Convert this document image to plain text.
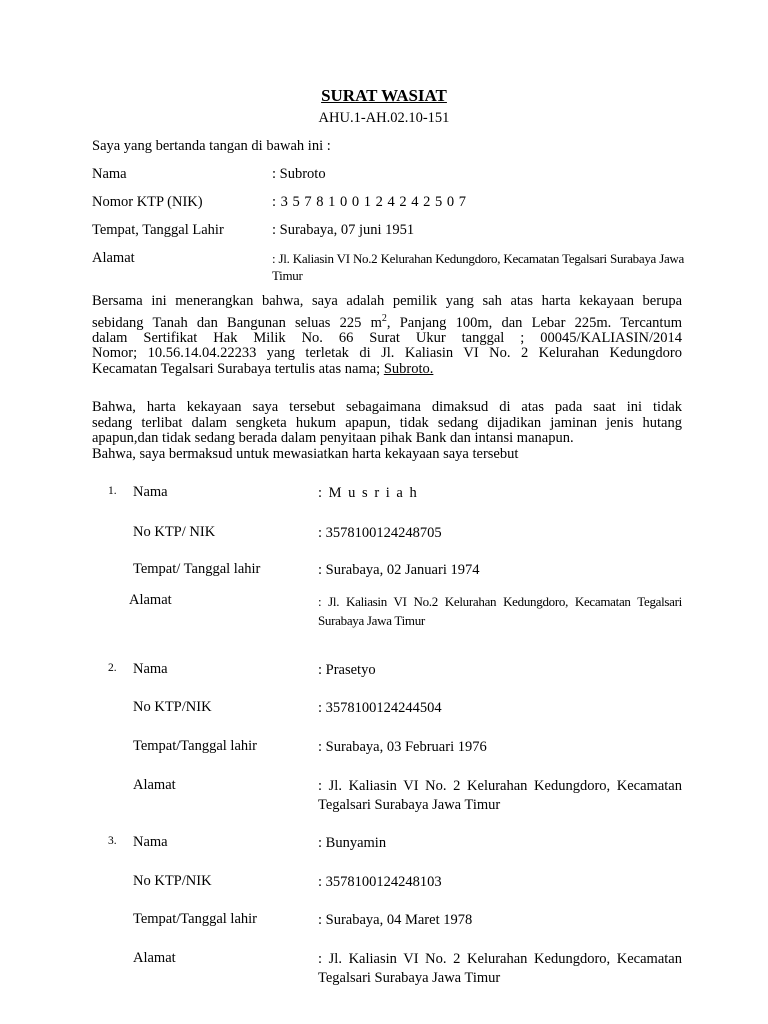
SURAT WASIAT
AHU.1-AH.02.10-151
Saya yang bertanda tangan di bawah ini :
Nama	: Subroto
Nomor KTP (NIK)	: 3 5 7 8 1 0 0 1 2 4 2 4 2 5 0 7
Tempat, Tanggal Lahir	: Surabaya, 07 juni 1951
Alamat	: Jl. Kaliasin VI No.2 Kelurahan Kedungdoro, Kecamatan Tegalsari Surabaya Jawa Timur
Bersama ini menerangkan bahwa, saya adalah pemilik yang sah atas harta kekayaan berupa
sebidang Tanah dan Bangunan seluas 225 $m^2$, Panjang 100m, dan Lebar 225m. Tercantum
dalam Sertifikat Hak Milik No. 66 Surat Ukur tanggal ; 00045/KALIASIN/2014
Nomor; 10.56.14.04.22233 yang terletak di Jl. Kaliasin VI No. 2 Kelurahan Kedungdoro
Kecamatan Tegalsari Surabaya tertulis atas nama; Subroto.
Bahwa, harta kekayaan saya tersebut sebagaimana dimaksud di atas pada saat ini tidak
sedang terlibat dalam sengketa hukum apapun, tidak sedang dijadikan jaminan jenis hutang
apapun,dan tidak sedang berada dalam penyitaan pihak Bank dan intansi manapun.
Bahwa, saya bermaksud untuk mewasiatkan harta kekayaan saya tersebut
1. Nama	: M u s r i a h
No KTP/ NIK	: 3578100124248705
Tempat/ Tanggal lahir	: Surabaya, 02 Januari 1974
Alamat	: Jl. Kaliasin VI No.2 Kelurahan Kedungdoro, Kecamatan Tegalsari Surabaya Jawa Timur
2. Nama	: Prasetyo
No KTP/NIK	: 3578100124244504
Tempat/Tanggal lahir	: Surabaya, 03 Februari 1976
Alamat	: Jl. Kaliasin VI No. 2 Kelurahan Kedungdoro, Kecamatan Tegalsari Surabaya Jawa Timur
3. Nama	: Bunyamin
No KTP/NIK	: 3578100124248103
Tempat/Tanggal lahir	: Surabaya, 04 Maret 1978
Alamat	: Jl. Kaliasin VI No. 2 Kelurahan Kedungdoro, Kecamatan Tegalsari Surabaya Jawa Timur
